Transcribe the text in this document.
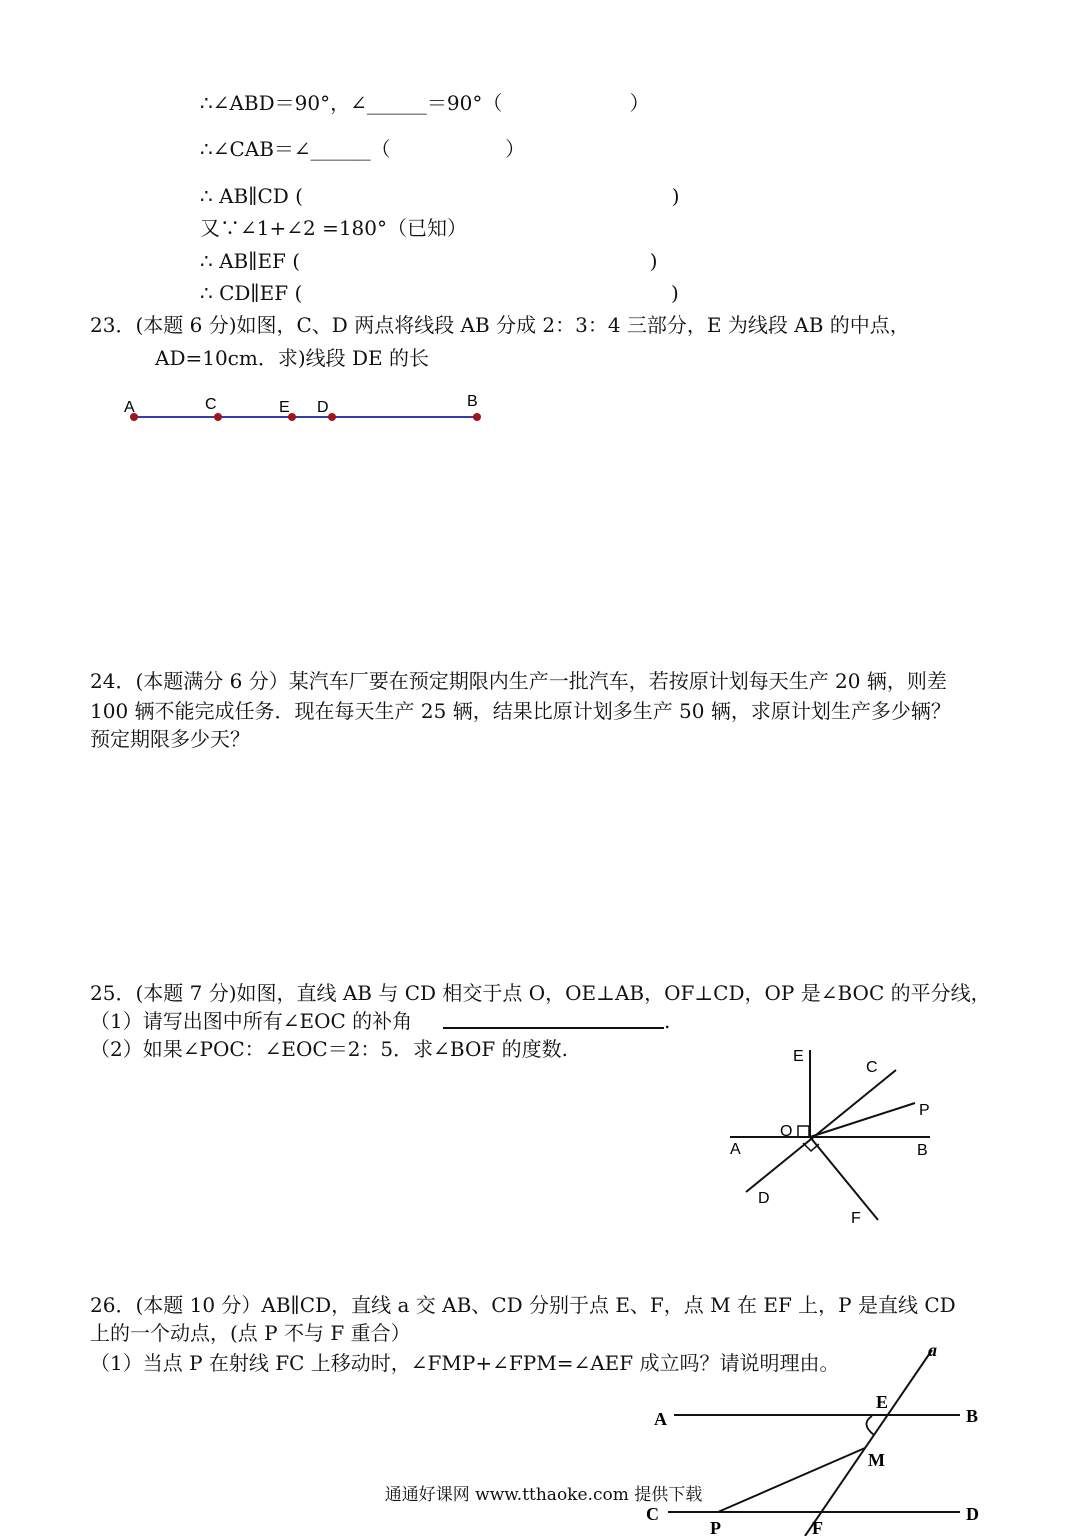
∴∠ABD＝90°，∠______＝90°（                    ）
∴∠CAB＝∠______（                  ）
∴ AB∥CD (                                                          )
又∵∠1+∠2 =180°（已知）
∴ AB∥EF (                                                       )
∴ CD∥EF (                                                          )
23．(本题 6 分)如图，C、D 两点将线段 AB 分成 2：3：4 三部分，E 为线段 AB 的中点，
AD=10cm．求)线段 DE 的长
A	C	E D	B
24．(本题满分 6 分）某汽车厂要在预定期限内生产一批汽车，若按原计划每天生产 20 辆，则差
100 辆不能完成任务．现在每天生产 25 辆，结果比原计划多生产 50 辆，求原计划生产多少辆？
预定期限多少天？
25．(本题 7 分)如图，直线 AB 与 CD 相交于点 O，OE⊥AB，OF⊥CD，OP 是∠BOC 的平分线，
（1）请写出图中所有∠EOC 的补角	.
（2）如果∠POC：∠EOC＝2：5．求∠BOF 的度数.	E
C
P
O
A	B
D
F
26．(本题 10 分）AB∥CD，直线 a 交 AB、CD 分别于点 E、F，点 M 在 EF 上，P 是直线 CD
上的一个动点，(点 P 不与 F 重合）
（1）当点 P 在射线 FC 上移动时，∠FMP+∠FPM=∠AEF 成立吗？请说明理由。
a
E
A	B
M
C	D
P	F
通通好课网 www.tthaoke.com 提供下载
